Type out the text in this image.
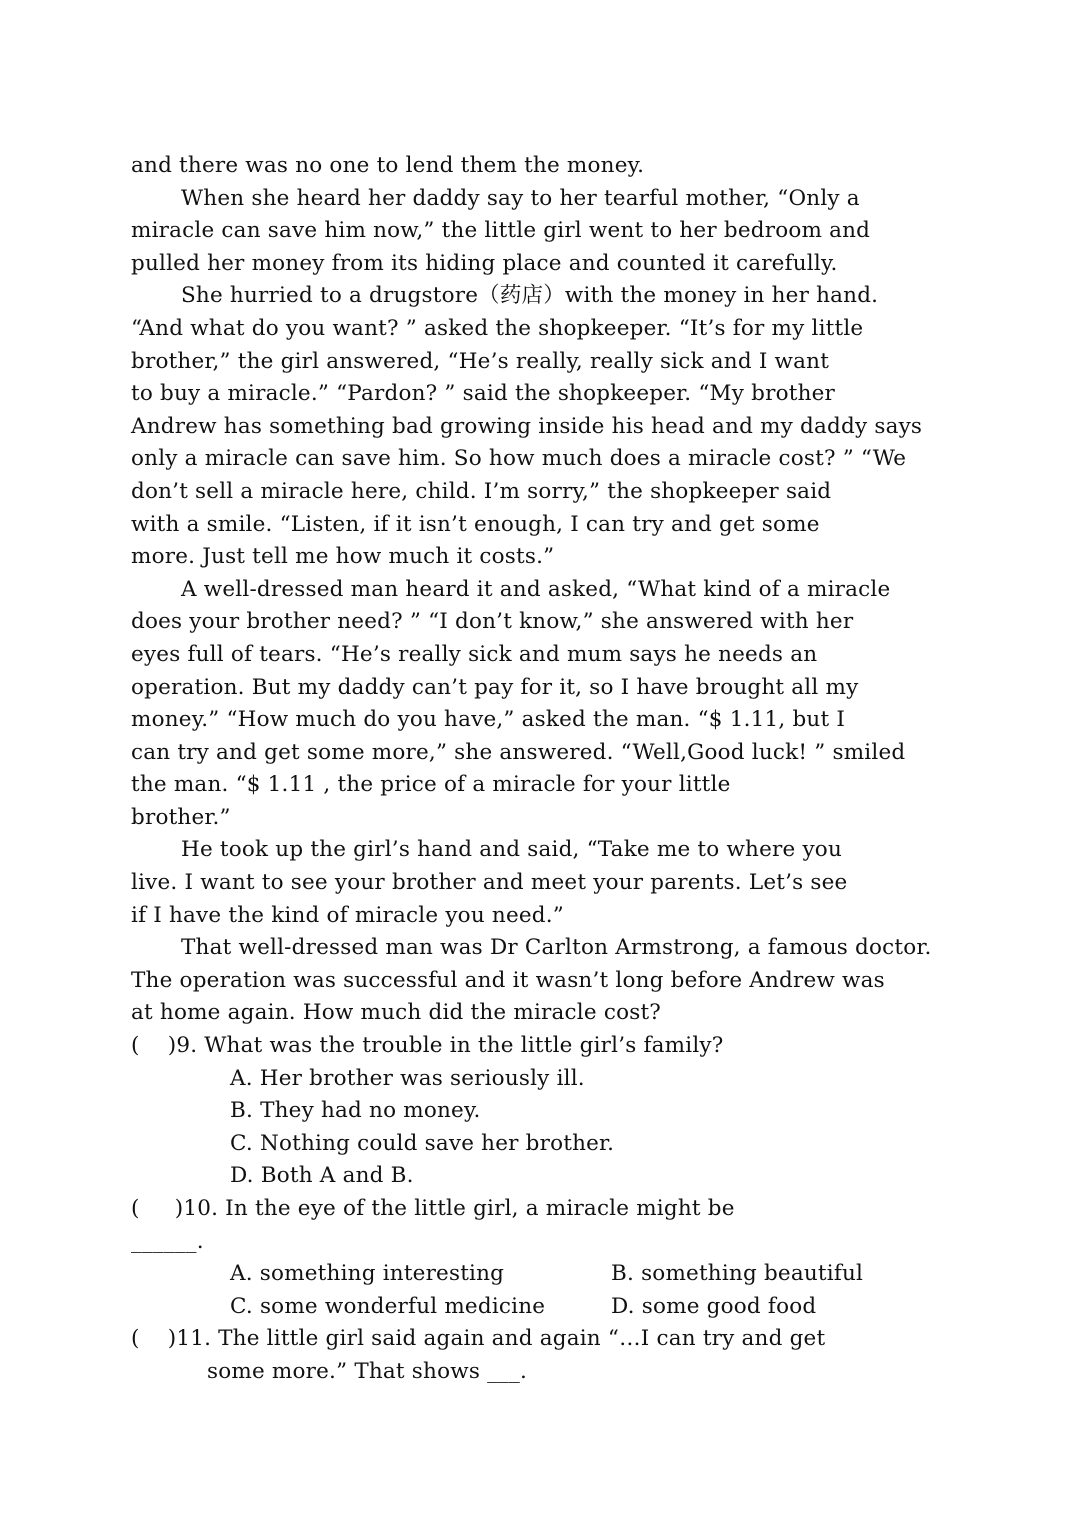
and there was no one to lend them the money.
When she heard her daddy say to her tearful mother, “Only a
miracle can save him now,” the little girl went to her bedroom and
pulled her money from its hiding place and counted it carefully.
She hurried to a drugstore（药店）with the money in her hand.
“And what do you want? ” asked the shopkeeper. “It’s for my little
brother,” the girl answered, “He’s really, really sick and I want
to buy a miracle.” “Pardon? ” said the shopkeeper. “My brother
Andrew has something bad growing inside his head and my daddy says
only a miracle can save him. So how much does a miracle cost? ” “We
don’t sell a miracle here, child. I’m sorry,” the shopkeeper said
with a smile. “Listen, if it isn’t enough, I can try and get some
more. Just tell me how much it costs.”
A well-dressed man heard it and asked, “What kind of a miracle
does your brother need? ” “I don’t know,” she answered with her
eyes full of tears. “He’s really sick and mum says he needs an
operation. But my daddy can’t pay for it, so I have brought all my
money.” “How much do you have,” asked the man. “$ 1.11, but I
can try and get some more,” she answered. “Well,Good luck! ” smiled
the man. “$ 1.11 , the price of a miracle for your little
brother.”
He took up the girl’s hand and said, “Take me to where you
live. I want to see your brother and meet your parents. Let’s see
if I have the kind of miracle you need.”
That well-dressed man was Dr Carlton Armstrong, a famous doctor.
The operation was successful and it wasn’t long before Andrew was
at home again. How much did the miracle cost?
(    )9. What was the trouble in the little girl’s family?
A. Her brother was seriously ill.
B. They had no money.
C. Nothing could save her brother.
D. Both A and B.
(     )10. In the eye of the little girl, a miracle might be
______.
A. something interesting	B. something beautiful
C. some wonderful medicine	D. some good food
(    )11. The little girl said again and again “…I can try and get
some more.” That shows ___.
